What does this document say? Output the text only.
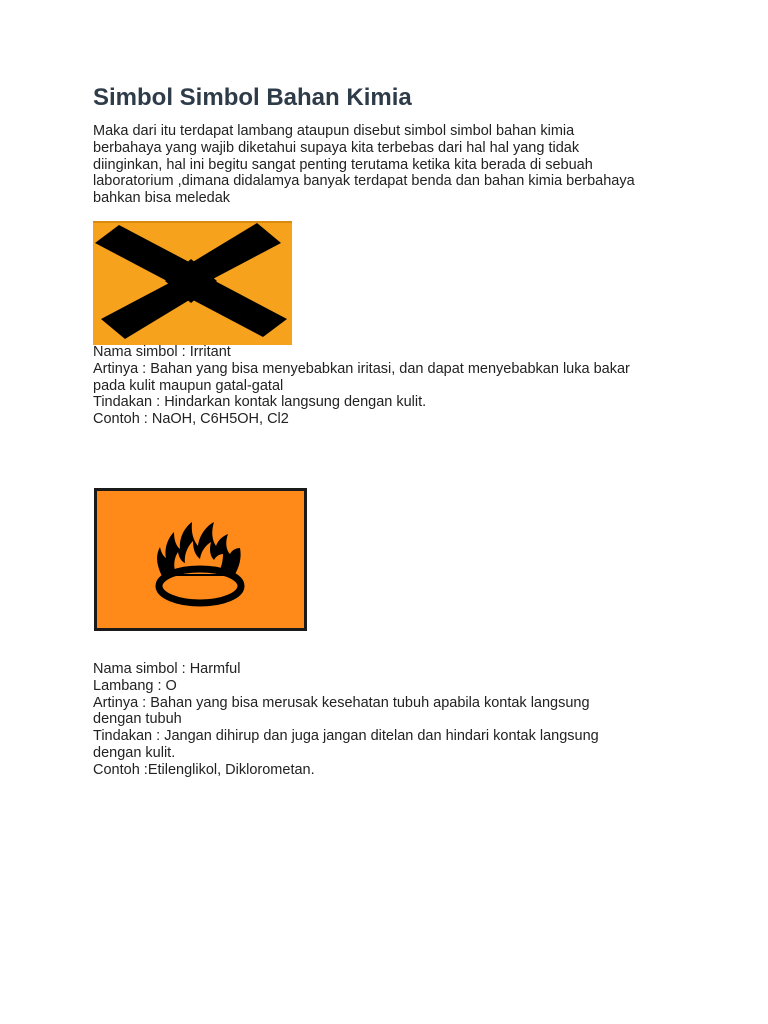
Simbol Simbol Bahan Kimia

Maka dari itu terdapat lambang ataupun disebut simbol simbol bahan kimia
berbahaya yang wajib diketahui supaya kita terbebas dari hal hal yang tidak
diinginkan, hal ini begitu sangat penting terutama ketika kita berada di sebuah
laboratorium ,dimana didalamya banyak terdapat benda dan bahan kimia berbahaya
bahkan bisa meledak

Nama simbol : Irritant
Artinya : Bahan yang bisa menyebabkan iritasi, dan dapat menyebabkan luka bakar
pada kulit maupun gatal-gatal
Tindakan : Hindarkan kontak langsung dengan kulit.
Contoh : NaOH, C6H5OH, Cl2

Nama simbol : Harmful
Lambang : O
Artinya : Bahan yang bisa merusak kesehatan tubuh apabila kontak langsung
dengan tubuh
Tindakan : Jangan dihirup dan juga jangan ditelan dan hindari kontak langsung
dengan kulit.
Contoh :Etilenglikol, Diklorometan.
